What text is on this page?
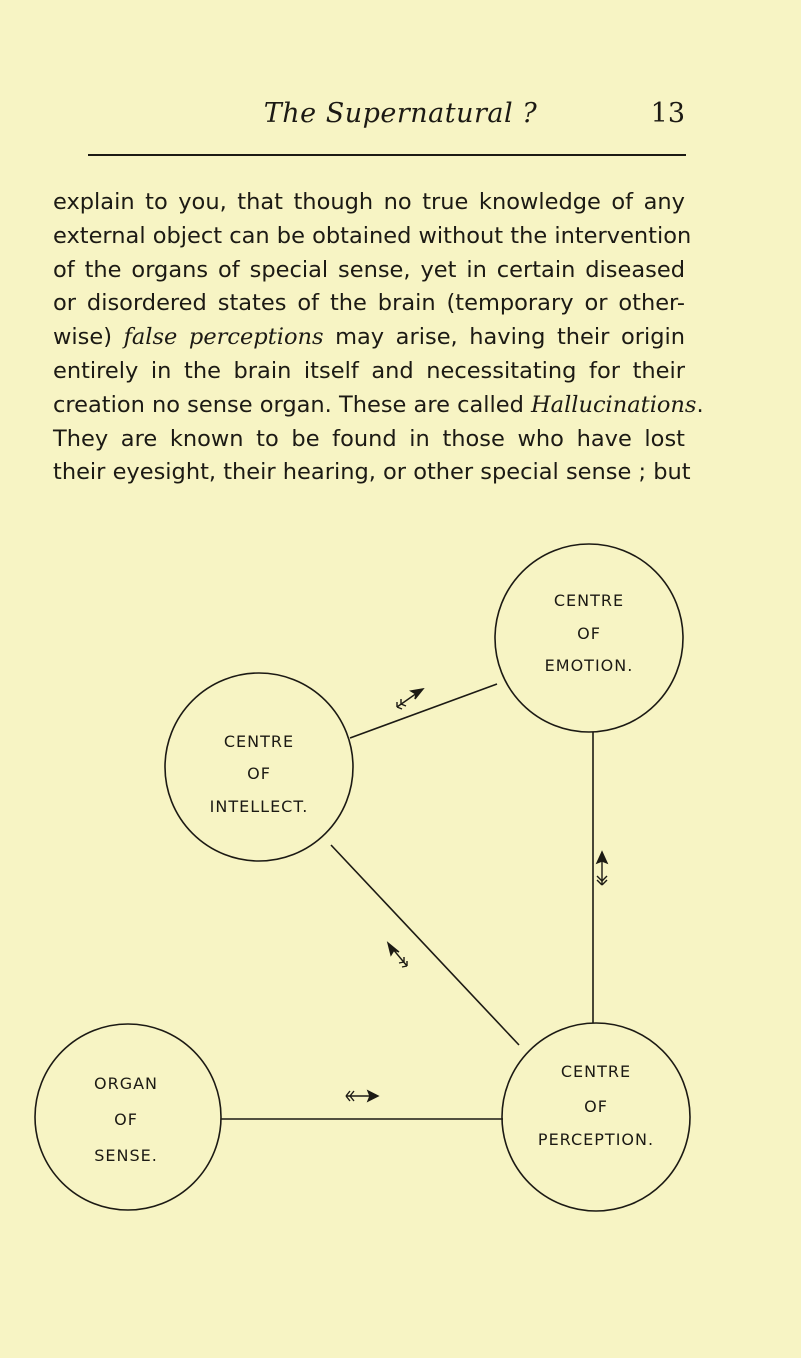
The Supernatural ?	13
explain to you, that though no true knowledge of any
external object can be obtained without the intervention
of the organs of special sense, yet in certain diseased
or disordered states of the brain (temporary or other-
wise) false perceptions may arise, having their origin
entirely in the brain itself and necessitating for their
creation no sense organ. These are called Hallucinations.
They are known to be found in those who have lost
their eyesight, their hearing, or other special sense ; but
CENTRE
OF
EMOTION.
CENTRE
OF
INTELLECT.
ORGAN
OF
SENSE.
CENTRE
OF
PERCEPTION.
